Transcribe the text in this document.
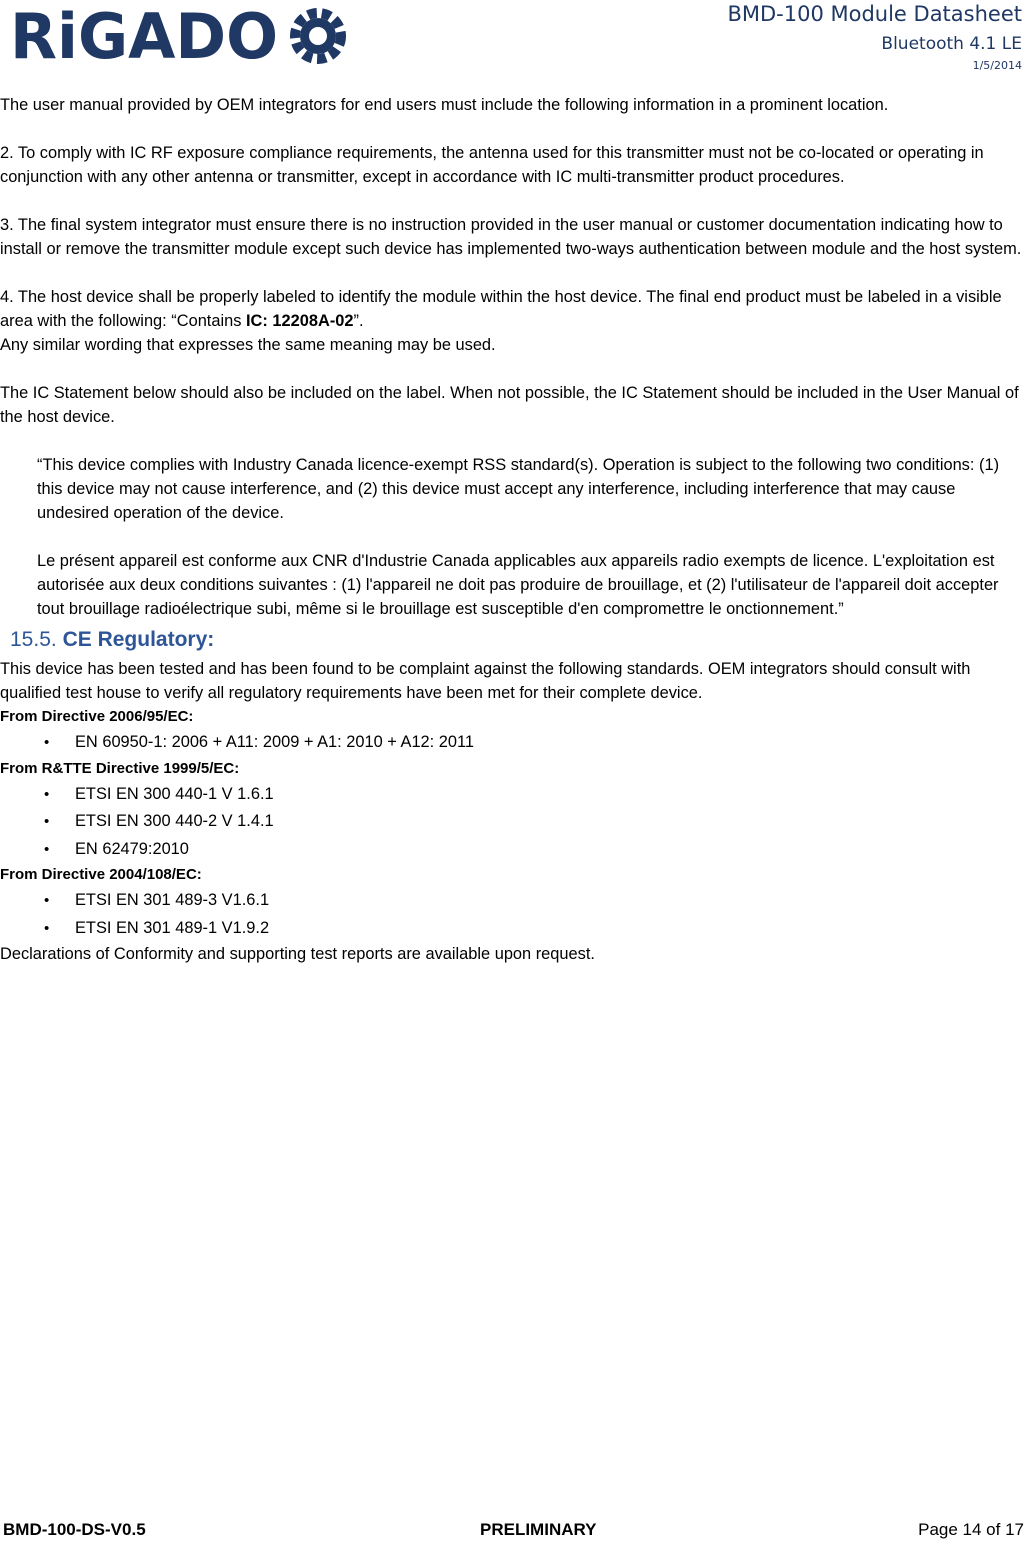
RiGADO	BMD-100 Module Datasheet
Bluetooth 4.1 LE
1/5/2014

The user manual provided by OEM integrators for end users must include the following information in a prominent location.

2. To comply with IC RF exposure compliance requirements, the antenna used for this transmitter must not be co-located or operating in conjunction with any other antenna or transmitter, except in accordance with IC multi-transmitter product procedures.

3. The final system integrator must ensure there is no instruction provided in the user manual or customer documentation indicating how to install or remove the transmitter module except such device has implemented two-ways authentication between module and the host system.

4. The host device shall be properly labeled to identify the module within the host device. The final end product must be labeled in a visible area with the following: “Contains IC: 12208A-02”.

Any similar wording that expresses the same meaning may be used.

The IC Statement below should also be included on the label. When not possible, the IC Statement should be included in the User Manual of the host device.

“This device complies with Industry Canada licence-exempt RSS standard(s). Operation is subject to the following two conditions: (1) this device may not cause interference, and (2) this device must accept any interference, including interference that may cause undesired operation of the device.

Le présent appareil est conforme aux CNR d'Industrie Canada applicables aux appareils radio exempts de licence. L'exploitation est autorisée aux deux conditions suivantes : (1) l'appareil ne doit pas produire de brouillage, et (2) l'utilisateur de l'appareil doit accepter tout brouillage radioélectrique subi, même si le brouillage est susceptible d'en compromettre le onctionnement.”

15.5. CE Regulatory:

This device has been tested and has been found to be complaint against the following standards. OEM integrators should consult with qualified test house to verify all regulatory requirements have been met for their complete device.

From Directive 2006/95/EC:

• EN 60950-1: 2006 + A11: 2009 + A1: 2010 + A12: 2011

From R&TTE Directive 1999/5/EC:

• ETSI EN 300 440-1 V 1.6.1
• ETSI EN 300 440-2 V 1.4.1
• EN 62479:2010

From Directive 2004/108/EC:

• ETSI EN 301 489-3 V1.6.1
• ETSI EN 301 489-1 V1.9.2

Declarations of Conformity and supporting test reports are available upon request.

BMD-100-DS-V0.5	PRELIMINARY	Page 14 of 17
